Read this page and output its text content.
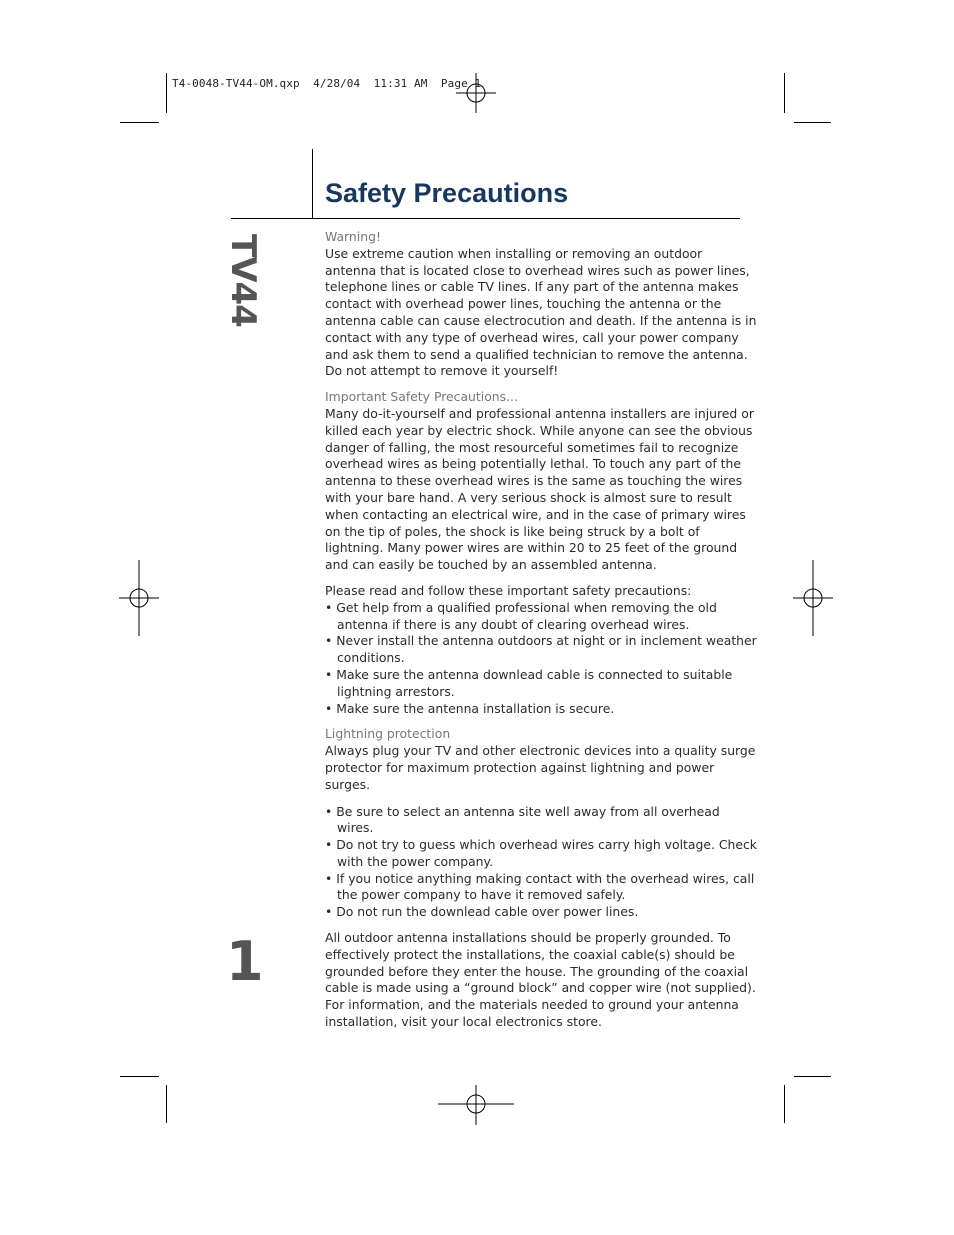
T4-0048-TV44-OM.qxp  4/28/04  11:31 AM  Page 1
TV44
1
Safety Precautions

Warning!
Use extreme caution when installing or removing an outdoor antenna that is located close to overhead wires such as power lines, telephone lines or cable TV lines. If any part of the antenna makes contact with overhead power lines, touching the antenna or the antenna cable can cause electrocution and death. If the antenna is in contact with any type of overhead wires, call your power company and ask them to send a qualified technician to remove the antenna. Do not attempt to remove it yourself!

Important Safety Precautions...
Many do-it-yourself and professional antenna installers are injured or killed each year by electric shock. While anyone can see the obvious danger of falling, the most resourceful sometimes fail to recognize overhead wires as being potentially lethal. To touch any part of the antenna to these overhead wires is the same as touching the wires with your bare hand. A very serious shock is almost sure to result when contacting an electrical wire, and in the case of primary wires on the tip of poles, the shock is like being struck by a bolt of lightning. Many power wires are within 20 to 25 feet of the ground and can easily be touched by an assembled antenna.

Please read and follow these important safety precautions:

• Get help from a qualified professional when removing the old antenna if there is any doubt of clearing overhead wires.
• Never install the antenna outdoors at night or in inclement weather conditions.
• Make sure the antenna downlead cable is connected to suitable lightning arrestors.
• Make sure the antenna installation is secure.

Lightning protection
Always plug your TV and other electronic devices into a quality surge protector for maximum protection against lightning and power surges.

• Be sure to select an antenna site well away from all overhead wires.
• Do not try to guess which overhead wires carry high voltage. Check with the power company.
• If you notice anything making contact with the overhead wires, call the power company to have it removed safely.
• Do not run the downlead cable over power lines.

All outdoor antenna installations should be properly grounded. To effectively protect the installations, the coaxial cable(s) should be grounded before they enter the house. The grounding of the coaxial cable is made using a “ground block” and copper wire (not supplied). For information, and the materials needed to ground your antenna installation, visit your local electronics store.
